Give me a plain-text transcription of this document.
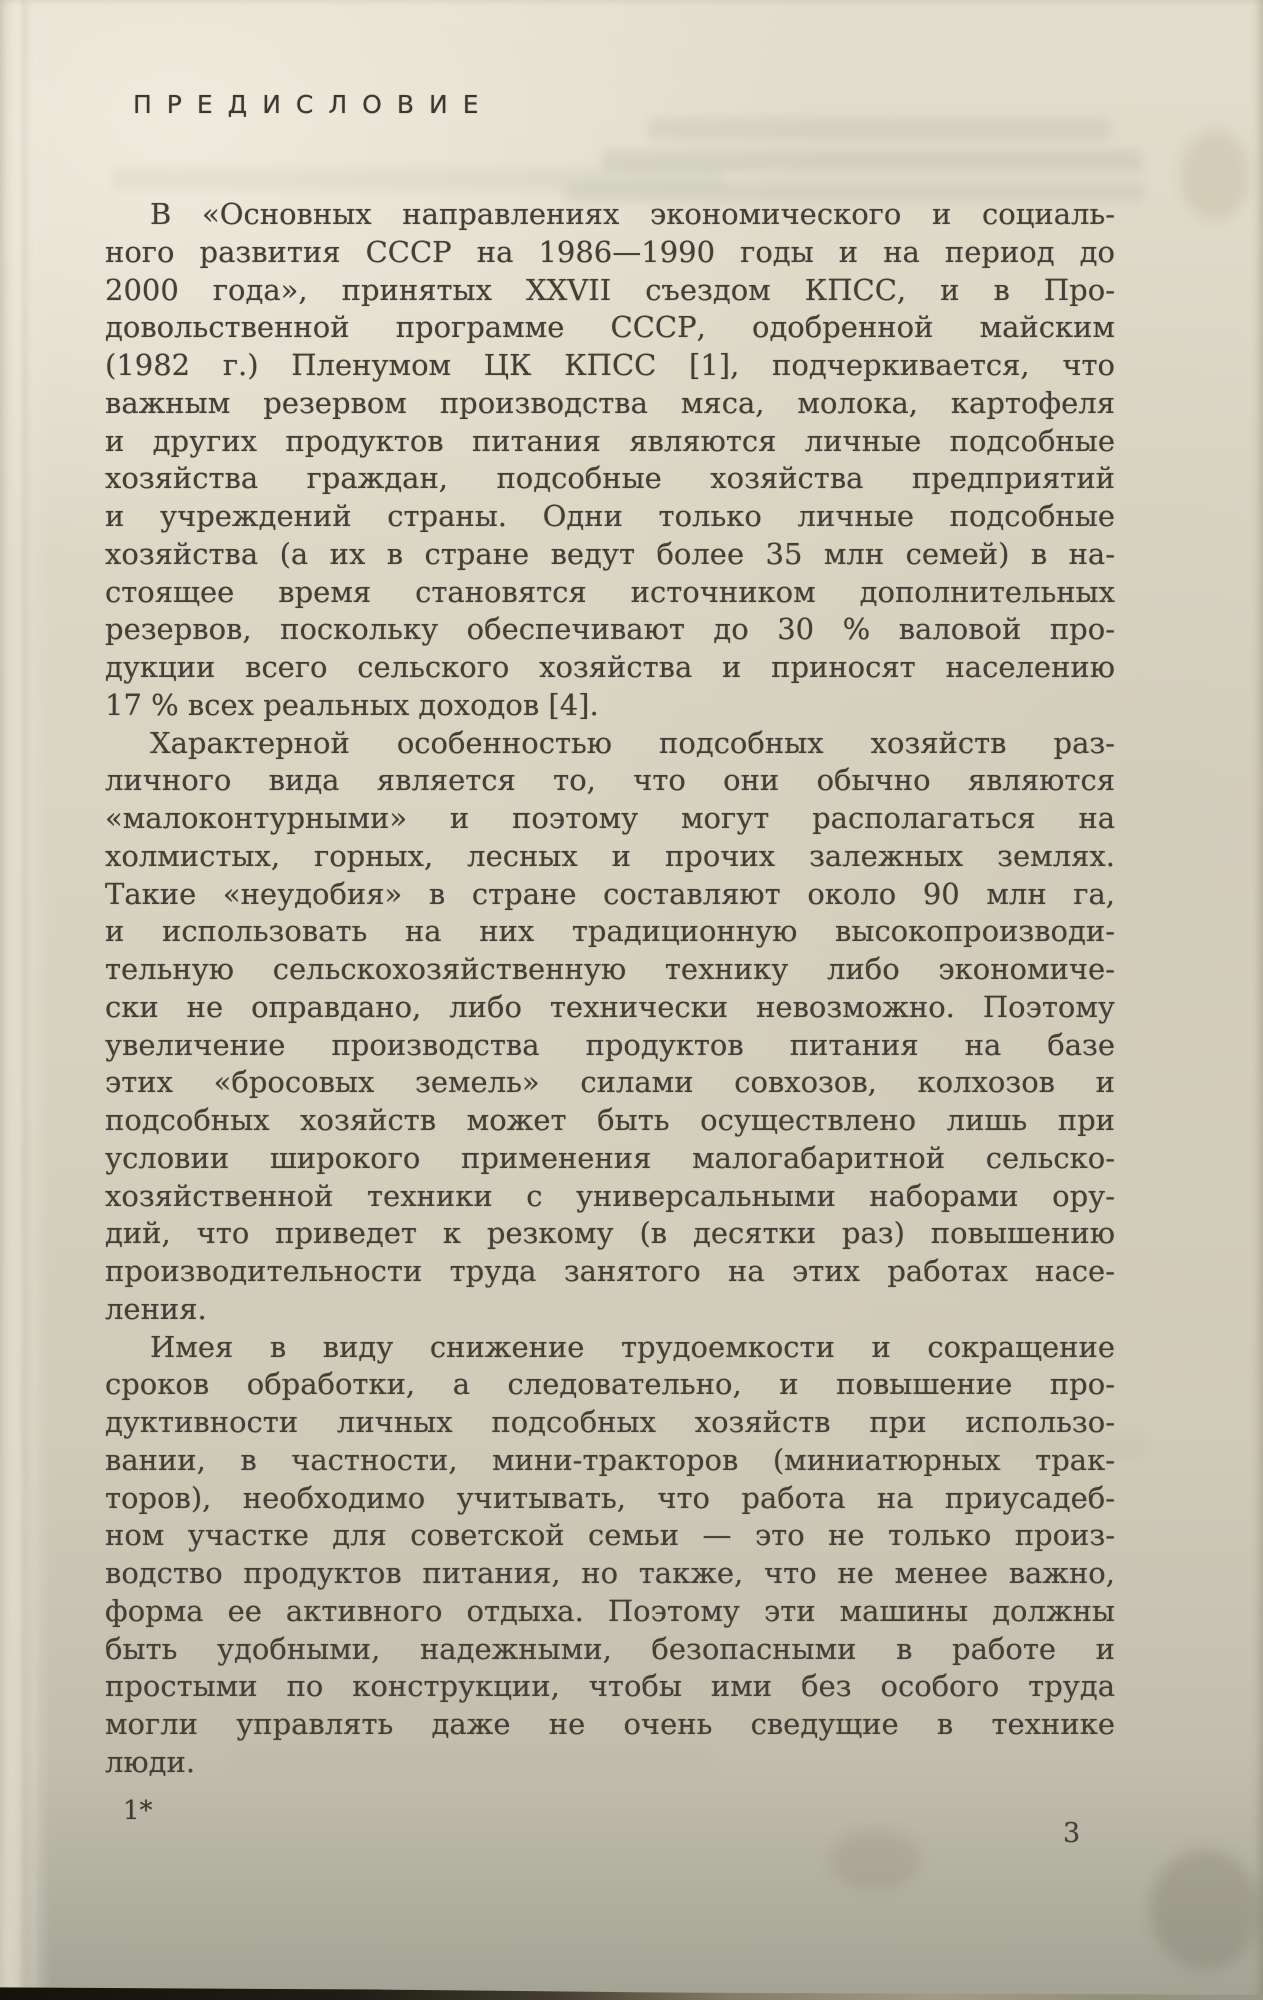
ПРЕДИСЛОВИЕ
В «Основных направлениях экономического и социаль-
ного развития СССР на 1986—1990 годы и на период до
2000 года», принятых XXVII съездом КПСС, и в Про-
довольственной программе СССР, одобренной майским
(1982 г.) Пленумом ЦК КПСС [1], подчеркивается, что
важным резервом производства мяса, молока, картофеля
и других продуктов питания являются личные подсобные
хозяйства граждан, подсобные хозяйства предприятий
и учреждений страны. Одни только личные подсобные
хозяйства (а их в стране ведут более 35 млн семей) в на-
стоящее время становятся источником дополнительных
резервов, поскольку обеспечивают до 30 % валовой про-
дукции всего сельского хозяйства и приносят населению
17 % всех реальных доходов [4].
Характерной особенностью подсобных хозяйств раз-
личного вида является то, что они обычно являются
«малоконтурными» и поэтому могут располагаться на
холмистых, горных, лесных и прочих залежных землях.
Такие «неудобия» в стране составляют около 90 млн га,
и использовать на них традиционную высокопроизводи-
тельную сельскохозяйственную технику либо экономиче-
ски не оправдано, либо технически невозможно. Поэтому
увеличение производства продуктов питания на базе
этих «бросовых земель» силами совхозов, колхозов и
подсобных хозяйств может быть осуществлено лишь при
условии широкого применения малогабаритной сельско-
хозяйственной техники с универсальными наборами ору-
дий, что приведет к резкому (в десятки раз) повышению
производительности труда занятого на этих работах насе-
ления.
Имея в виду снижение трудоемкости и сокращение
сроков обработки, а следовательно, и повышение про-
дуктивности личных подсобных хозяйств при использо-
вании, в частности, мини-тракторов (миниатюрных трак-
торов), необходимо учитывать, что работа на приусадеб-
ном участке для советской семьи — это не только произ-
водство продуктов питания, но также, что не менее важно,
форма ее активного отдыха. Поэтому эти машины должны
быть удобными, надежными, безопасными в работе и
простыми по конструкции, чтобы ими без особого труда
могли управлять даже не очень сведущие в технике
люди.
1*
3
